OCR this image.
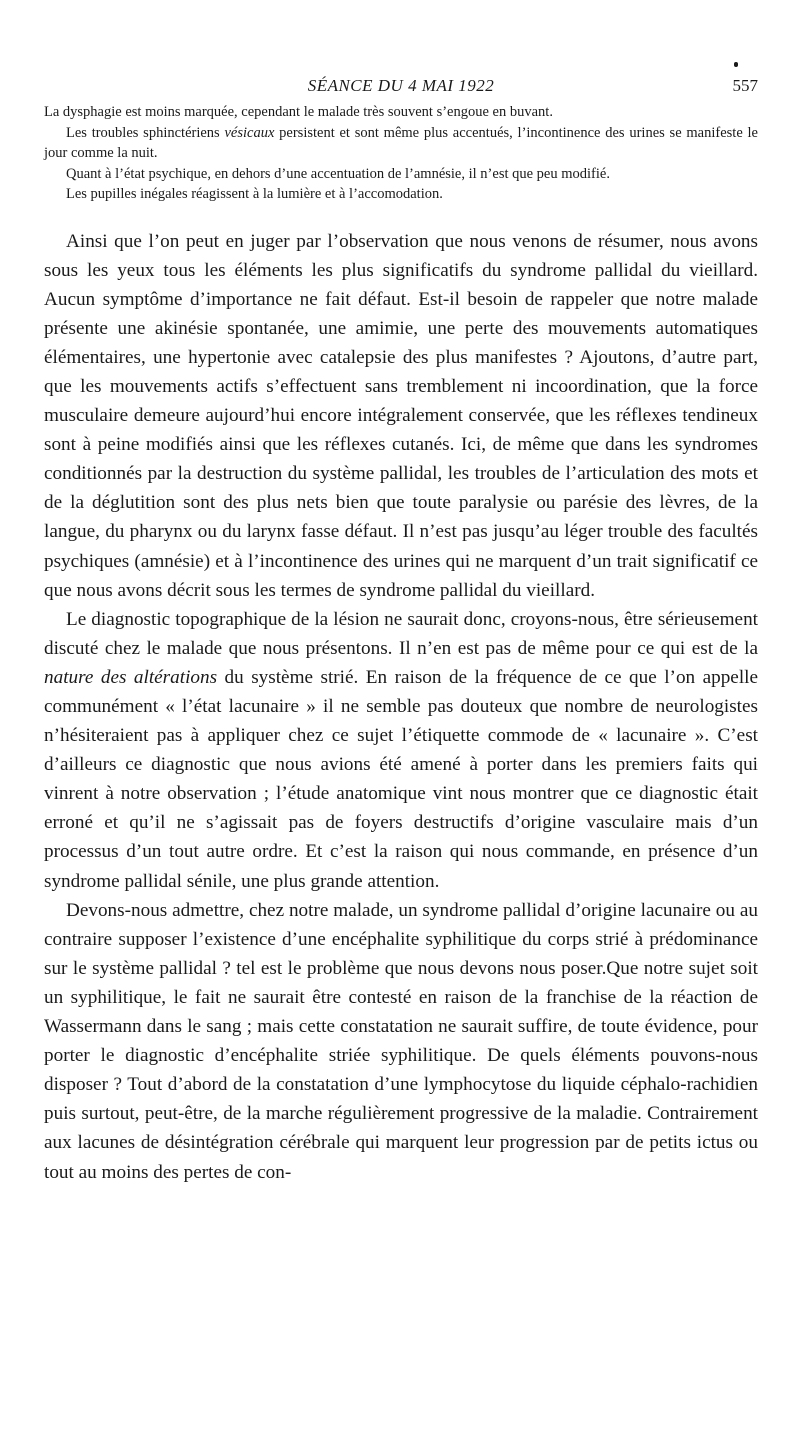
SÉANCE DU 4 MAI 1922	557

La dysphagie est moins marquée, cependant le malade très souvent s’engoue en buvant.

Les troubles sphinctériens vésicaux persistent et sont même plus accentués, l’incontinence des urines se manifeste le jour comme la nuit.

Quant à l’état psychique, en dehors d’une accentuation de l’amnésie, il n’est que peu modifié.

Les pupilles inégales réagissent à la lumière et à l’accomodation.

Ainsi que l’on peut en juger par l’observation que nous venons de résumer, nous avons sous les yeux tous les éléments les plus significatifs du syndrome pallidal du vieillard. Aucun symptôme d’importance ne fait défaut. Est-il besoin de rappeler que notre malade présente une akinésie spontanée, une amimie, une perte des mouvements automatiques élémentaires, une hypertonie avec catalepsie des plus manifestes ? Ajoutons, d’autre part, que les mouvements actifs s’effectuent sans tremblement ni incoordination, que la force musculaire demeure aujourd’hui encore intégralement conservée, que les réflexes tendineux sont à peine modifiés ainsi que les réflexes cutanés. Ici, de même que dans les syndromes conditionnés par la destruction du système pallidal, les troubles de l’articulation des mots et de la déglutition sont des plus nets bien que toute paralysie ou parésie des lèvres, de la langue, du pharynx ou du larynx fasse défaut. Il n’est pas jusqu’au léger trouble des facultés psychiques (amnésie) et à l’incontinence des urines qui ne marquent d’un trait significatif ce que nous avons décrit sous les termes de syndrome pallidal du vieillard.

Le diagnostic topographique de la lésion ne saurait donc, croyons-nous, être sérieusement discuté chez le malade que nous présentons. Il n’en est pas de même pour ce qui est de la nature des altérations du système strié. En raison de la fréquence de ce que l’on appelle communément « l’état lacunaire » il ne semble pas douteux que nombre de neurologistes n’hésiteraient pas à appliquer chez ce sujet l’étiquette commode de « lacunaire ». C’est d’ailleurs ce diagnostic que nous avions été amené à porter dans les premiers faits qui vinrent à notre observation ; l’étude anatomique vint nous montrer que ce diagnostic était erroné et qu’il ne s’agissait pas de foyers destructifs d’origine vasculaire mais d’un processus d’un tout autre ordre. Et c’est la raison qui nous commande, en présence d’un syndrome pallidal sénile, une plus grande attention.

Devons-nous admettre, chez notre malade, un syndrome pallidal d’origine lacunaire ou au contraire supposer l’existence d’une encéphalite syphilitique du corps strié à prédominance sur le système pallidal ? tel est le problème que nous devons nous poser.Que notre sujet soit un syphilitique, le fait ne saurait être contesté en raison de la franchise de la réaction de Wassermann dans le sang ; mais cette constatation ne saurait suffire, de toute évidence, pour porter le diagnostic d’encéphalite striée syphilitique. De quels éléments pouvons-nous disposer ? Tout d’abord de la constatation d’une lymphocytose du liquide céphalo-rachidien puis surtout, peut-être, de la marche régulièrement progressive de la maladie. Contrairement aux lacunes de désintégration cérébrale qui marquent leur progression par de petits ictus ou tout au moins des pertes de con-
